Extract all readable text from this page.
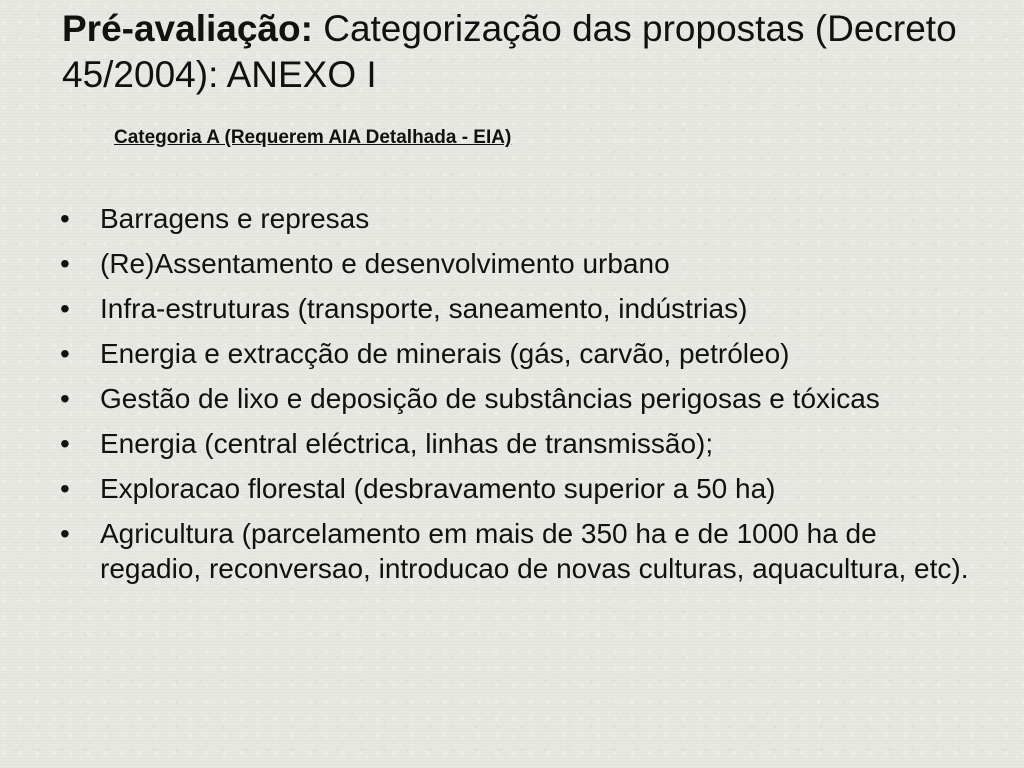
Pré-avaliação: Categorização das propostas (Decreto 45/2004): ANEXO I

Categoria A (Requerem AIA Detalhada - EIA)

• Barragens e represas
• (Re)Assentamento e desenvolvimento urbano
• Infra-estruturas (transporte, saneamento, indústrias)
• Energia e extracção de minerais (gás, carvão, petróleo)
• Gestão de lixo e deposição de substâncias perigosas e tóxicas
• Energia (central eléctrica, linhas de transmissão);
• Exploracao florestal (desbravamento superior a 50 ha)
• Agricultura (parcelamento em mais de 350 ha e de 1000 ha de regadio, reconversao, introducao de novas culturas, aquacultura, etc).
